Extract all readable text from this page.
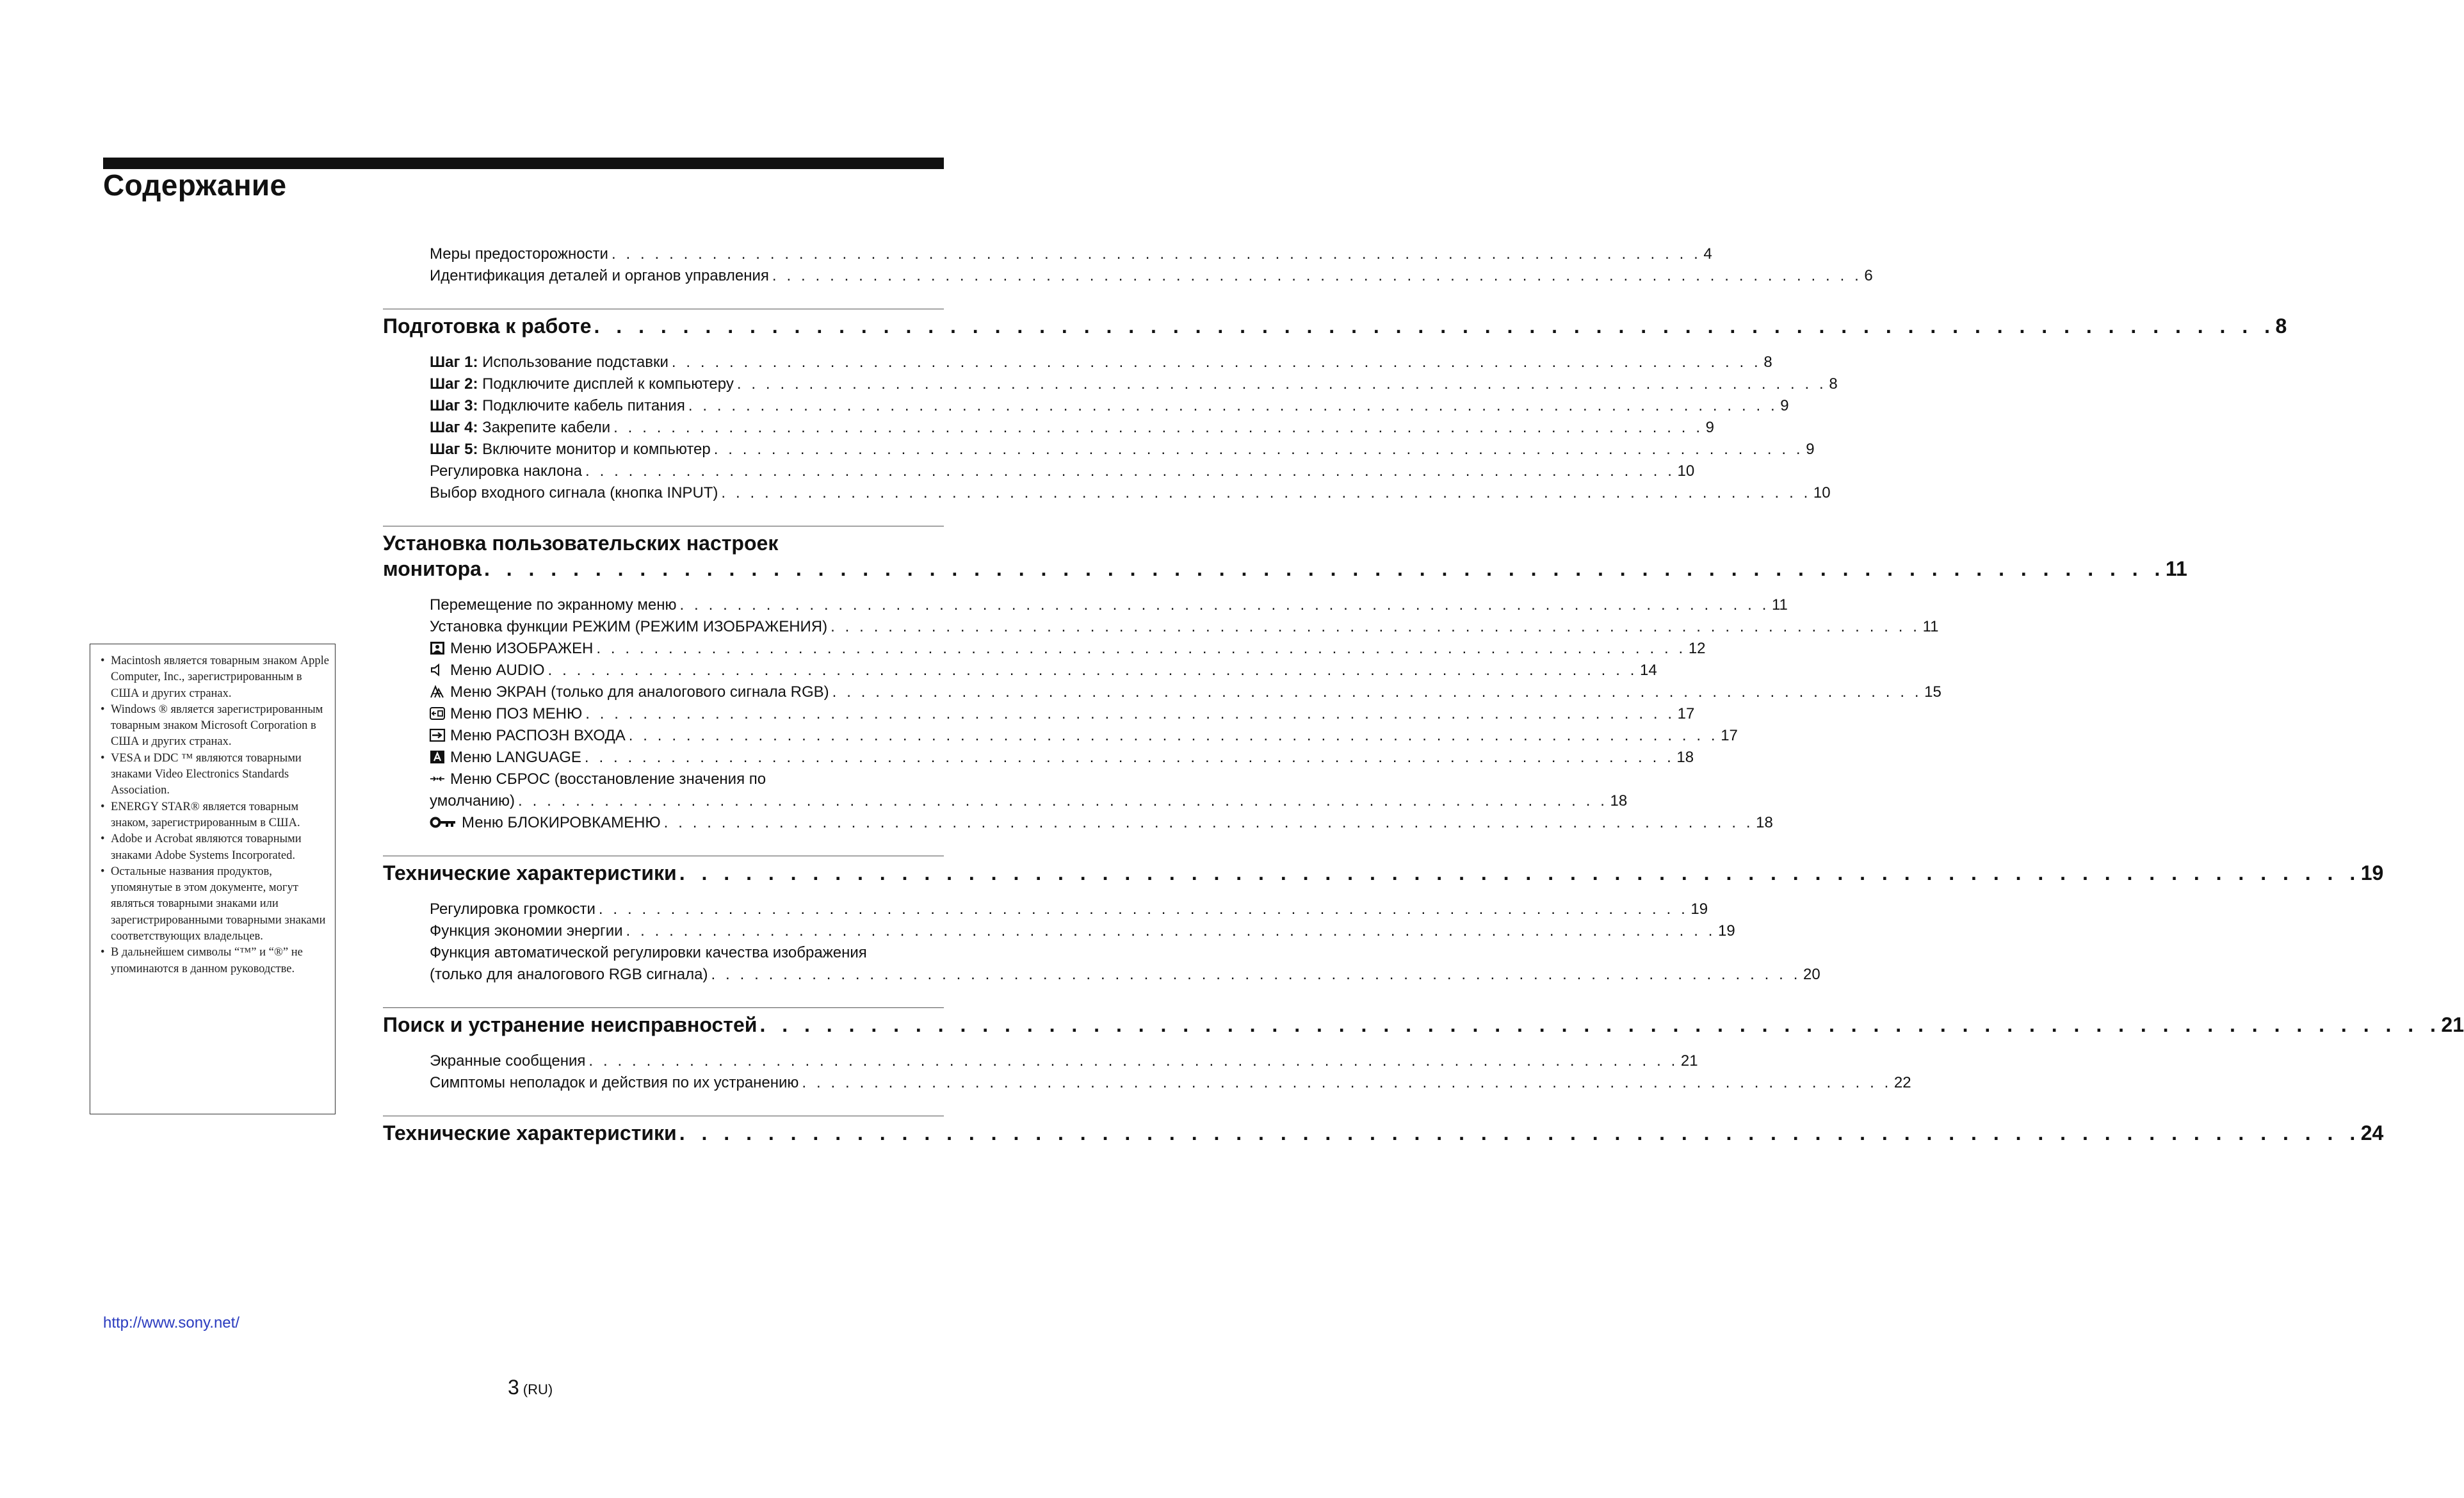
Содержание
Меры предосторожности . . . . . . . . . . . . . . . . . . . . . . . . . . . . . . . . . . . . . . . . . . . . . . . . . . . . . . . . . . . . . . . . . . . . . . . . . . . . 4
Идентификация деталей и органов управления . . . . . . . . . . . . . . . . . . . . . . . . . . . . . . . . . . . . . . . . . . . . . . . . . . . . . . . . . . . . . . . . . . . . . . . . . . . . 6
Подготовка к работе . . . . . . . . . . . . . . . . . . . . . . . . . . . . . . . . . . . . . . . . . . . . . . . . . . . . . . . . . . . . . . . . . . . . . . . . . . . . 8
Шаг 1: Использование подставки . . . . . . . . . . . . . . . . . . . . . . . . . . . . . . . . . . . . . . . . . . . . . . . . . . . . . . . . . . . . . . . . . . . . . . . . . . . . 8
Шаг 2: Подключите дисплей к компьютеру . . . . . . . . . . . . . . . . . . . . . . . . . . . . . . . . . . . . . . . . . . . . . . . . . . . . . . . . . . . . . . . . . . . . . . . . . . . . 8
Шаг 3: Подключите кабель питания . . . . . . . . . . . . . . . . . . . . . . . . . . . . . . . . . . . . . . . . . . . . . . . . . . . . . . . . . . . . . . . . . . . . . . . . . . . . 9
Шаг 4: Закрепите кабели . . . . . . . . . . . . . . . . . . . . . . . . . . . . . . . . . . . . . . . . . . . . . . . . . . . . . . . . . . . . . . . . . . . . . . . . . . . . 9
Шаг 5: Включите монитор и компьютер . . . . . . . . . . . . . . . . . . . . . . . . . . . . . . . . . . . . . . . . . . . . . . . . . . . . . . . . . . . . . . . . . . . . . . . . . . . . 9
Регулировка наклона . . . . . . . . . . . . . . . . . . . . . . . . . . . . . . . . . . . . . . . . . . . . . . . . . . . . . . . . . . . . . . . . . . . . . . . . . . . . 10
Выбор входного сигнала (кнопка INPUT) . . . . . . . . . . . . . . . . . . . . . . . . . . . . . . . . . . . . . . . . . . . . . . . . . . . . . . . . . . . . . . . . . . . . . . . . . . . . 10
Установка пользовательских настроек
монитора . . . . . . . . . . . . . . . . . . . . . . . . . . . . . . . . . . . . . . . . . . . . . . . . . . . . . . . . . . . . . . . . . . . . . . . . . . . . 11
Перемещение по экранному меню . . . . . . . . . . . . . . . . . . . . . . . . . . . . . . . . . . . . . . . . . . . . . . . . . . . . . . . . . . . . . . . . . . . . . . . . . . . . 11
Установка функции РЕЖИМ (РЕЖИМ ИЗОБРАЖЕНИЯ) . . . . . . . . . . . . . . . . . . . . . . . . . . . . . . . . . . . . . . . . . . . . . . . . . . . . . . . . . . . . . . . . . . . . . . . . . . . . 11
Меню ИЗОБРАЖЕН . . . . . . . . . . . . . . . . . . . . . . . . . . . . . . . . . . . . . . . . . . . . . . . . . . . . . . . . . . . . . . . . . . . . . . . . . . . . 12
Меню AUDIO . . . . . . . . . . . . . . . . . . . . . . . . . . . . . . . . . . . . . . . . . . . . . . . . . . . . . . . . . . . . . . . . . . . . . . . . . . . . 14
Меню ЭКРАН (только для аналогового сигнала RGB) . . . . . . . . . . . . . . . . . . . . . . . . . . . . . . . . . . . . . . . . . . . . . . . . . . . . . . . . . . . . . . . . . . . . . . . . . . . . 15
Меню ПОЗ МЕНЮ . . . . . . . . . . . . . . . . . . . . . . . . . . . . . . . . . . . . . . . . . . . . . . . . . . . . . . . . . . . . . . . . . . . . . . . . . . . . 17
Меню РАСПОЗН ВХОДА . . . . . . . . . . . . . . . . . . . . . . . . . . . . . . . . . . . . . . . . . . . . . . . . . . . . . . . . . . . . . . . . . . . . . . . . . . . . 17
Меню LANGUAGE . . . . . . . . . . . . . . . . . . . . . . . . . . . . . . . . . . . . . . . . . . . . . . . . . . . . . . . . . . . . . . . . . . . . . . . . . . . . 18
Меню СБРОС (восстановление значения по
умолчанию) . . . . . . . . . . . . . . . . . . . . . . . . . . . . . . . . . . . . . . . . . . . . . . . . . . . . . . . . . . . . . . . . . . . . . . . . . . . . 18
Меню БЛОКИРОВКАМЕНЮ . . . . . . . . . . . . . . . . . . . . . . . . . . . . . . . . . . . . . . . . . . . . . . . . . . . . . . . . . . . . . . . . . . . . . . . . . . . . 18
Технические характеристики . . . . . . . . . . . . . . . . . . . . . . . . . . . . . . . . . . . . . . . . . . . . . . . . . . . . . . . . . . . . . . . . . . . . . . . . . . . . 19
Регулировка громкости . . . . . . . . . . . . . . . . . . . . . . . . . . . . . . . . . . . . . . . . . . . . . . . . . . . . . . . . . . . . . . . . . . . . . . . . . . . . 19
Функция экономии энергии . . . . . . . . . . . . . . . . . . . . . . . . . . . . . . . . . . . . . . . . . . . . . . . . . . . . . . . . . . . . . . . . . . . . . . . . . . . . 19
Функция автоматической регулировки качества изображения
(только для аналогового RGB сигнала) . . . . . . . . . . . . . . . . . . . . . . . . . . . . . . . . . . . . . . . . . . . . . . . . . . . . . . . . . . . . . . . . . . . . . . . . . . . . 20
Поиск и устранение неисправностей . . . . . . . . . . . . . . . . . . . . . . . . . . . . . . . . . . . . . . . . . . . . . . . . . . . . . . . . . . . . . . . . . . . . . . . . . . . . 21
Экранные сообщения . . . . . . . . . . . . . . . . . . . . . . . . . . . . . . . . . . . . . . . . . . . . . . . . . . . . . . . . . . . . . . . . . . . . . . . . . . . . 21
Симптомы неполадок и действия по их устранению . . . . . . . . . . . . . . . . . . . . . . . . . . . . . . . . . . . . . . . . . . . . . . . . . . . . . . . . . . . . . . . . . . . . . . . . . . . . 22
Технические характеристики . . . . . . . . . . . . . . . . . . . . . . . . . . . . . . . . . . . . . . . . . . . . . . . . . . . . . . . . . . . . . . . . . . . . . . . . . . . . 24
• Macintosh является товарным знаком Apple Computer, Inc., зарегистрированным в США и других странах.
• Windows ® является зарегистрированным товарным знаком Microsoft Corporation в США и других странах.
• VESA и DDC ™ являются товарными знаками Video Electronics Standards Association.
• ENERGY STAR® является товарным знаком, зарегистрированным в США.
• Adobe и Acrobat являются товарными знаками Adobe Systems Incorporated.
• Остальные названия продуктов, упомянутые в этом документе, могут являться товарными знаками или зарегистрированными товарными знаками соответствующих владельцев.
• В дальнейшем символы “™” и “®” не упоминаются в данном руководстве.
http://www.sony.net/
3 (RU)
